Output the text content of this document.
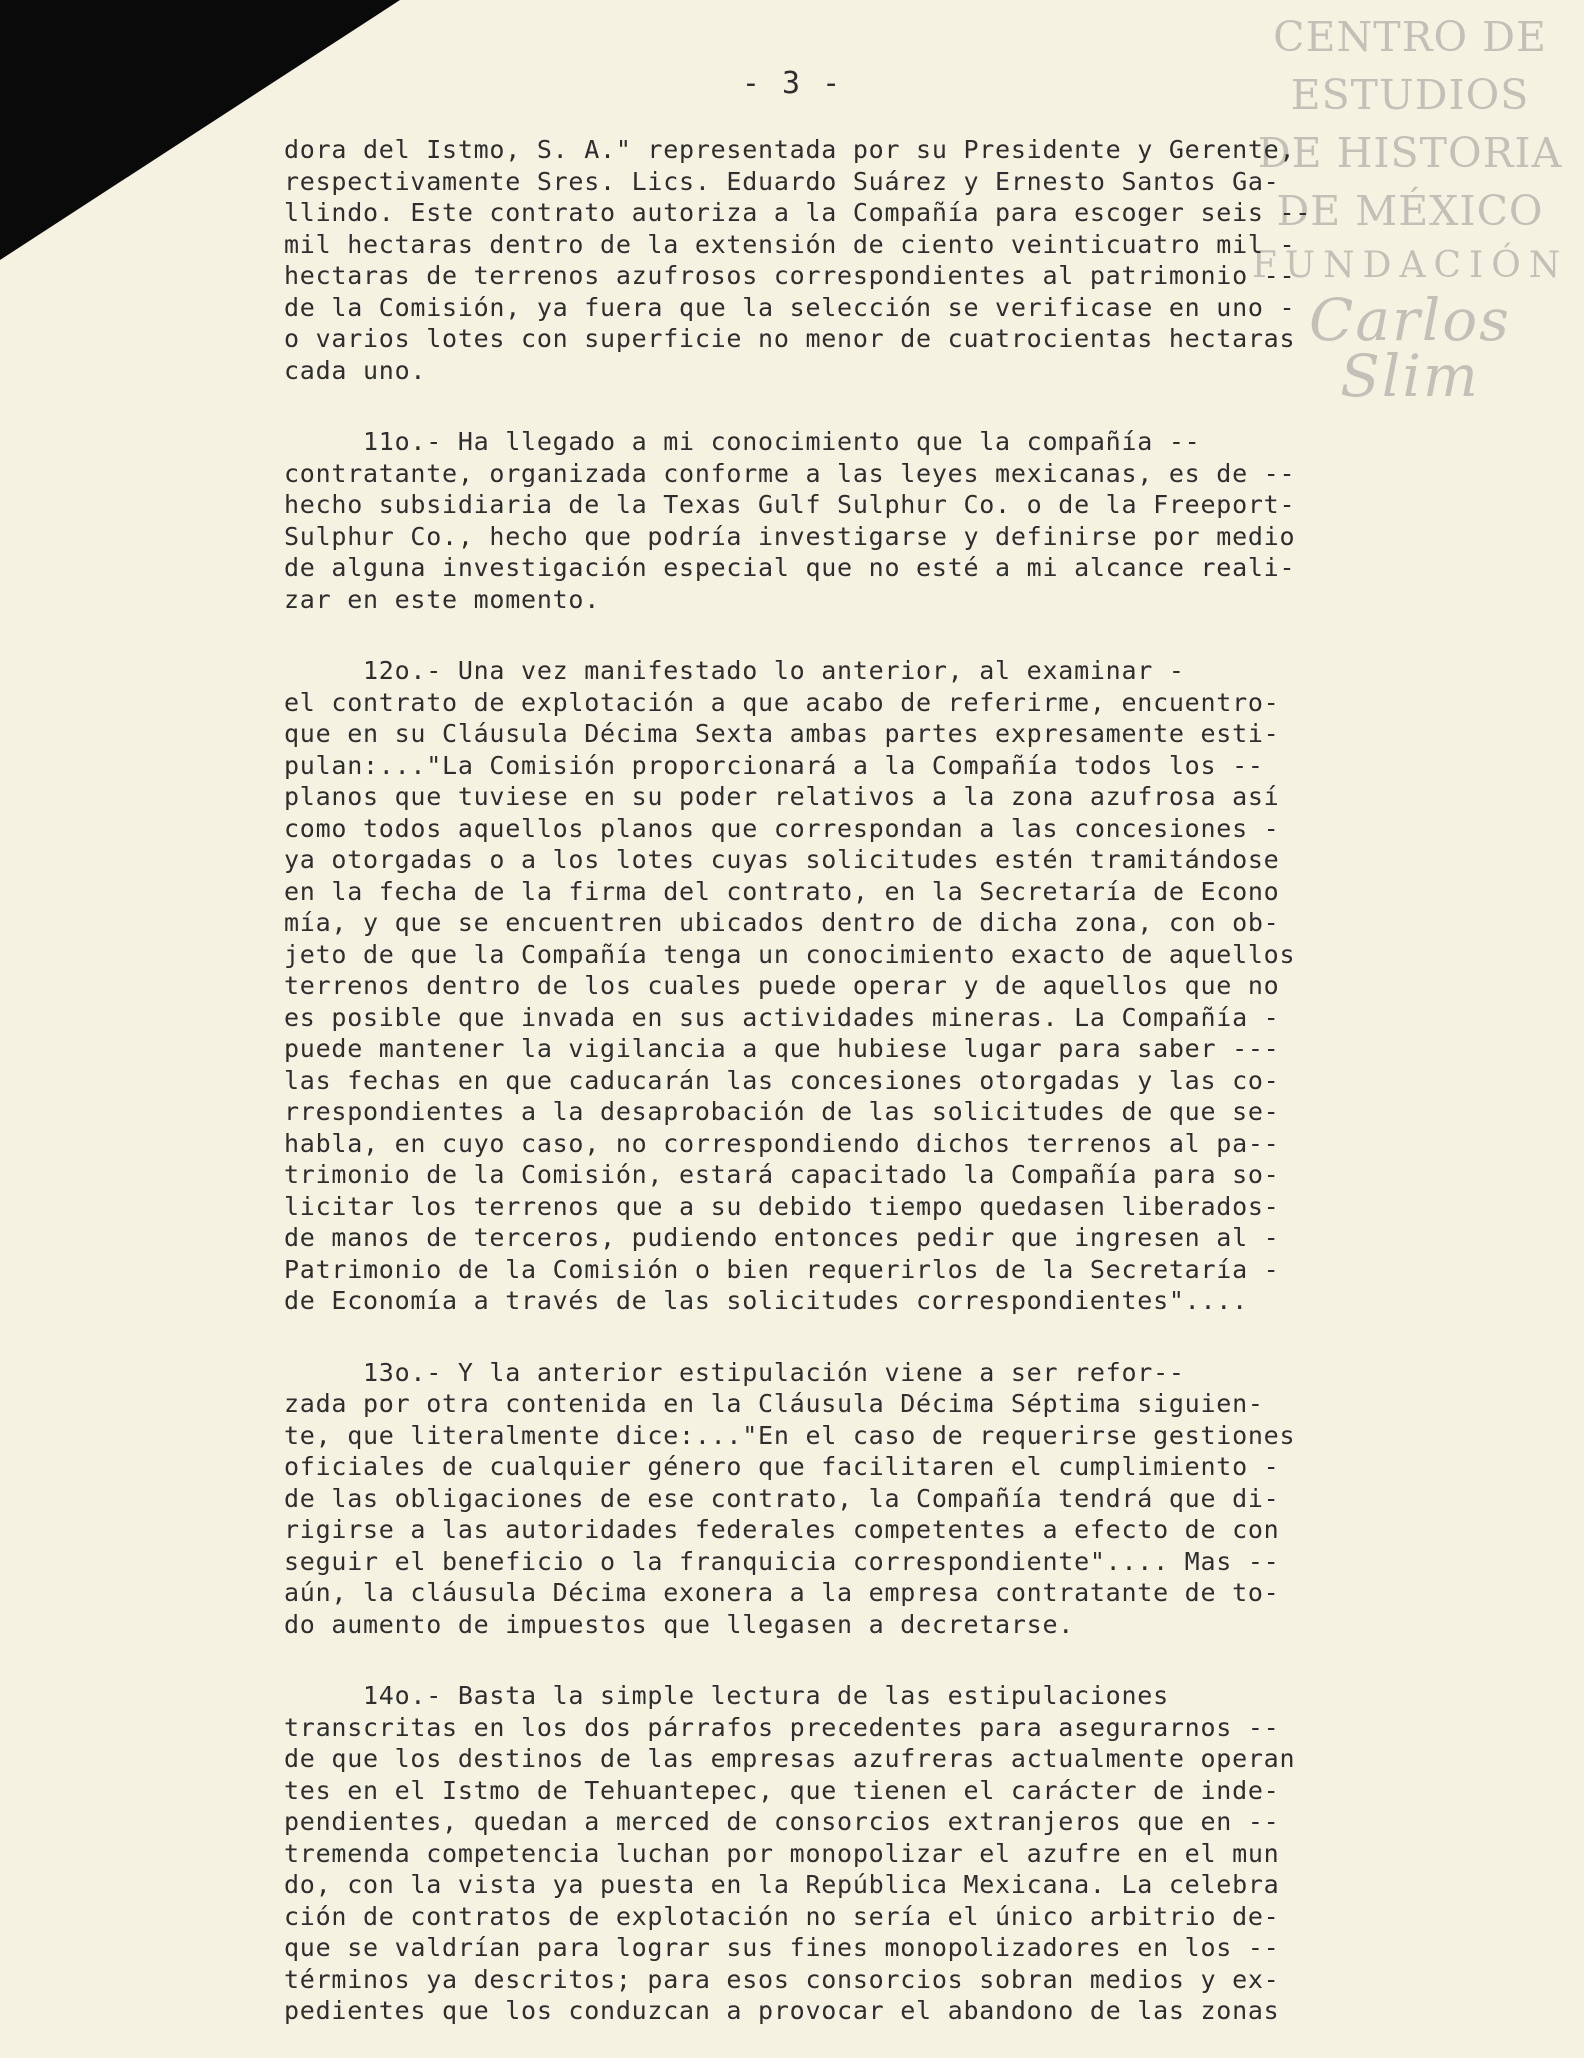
CENTRO DE
ESTUDIOS
DE HISTORIA
DE MÉXICO
FUNDACIÓN
Carlos Slim
- 3 -
dora del Istmo, S. A." representada por su Presidente y Gerente,
respectivamente Sres. Lics. Eduardo Suárez y Ernesto Santos Ga-
llindo. Este contrato autoriza a la Compañía para escoger seis --
mil hectaras dentro de la extensión de ciento veinticuatro mil -
hectaras de terrenos azufrosos correspondientes al patrimonio --
de la Comisión, ya fuera que la selección se verificase en uno -
o varios lotes con superficie no menor de cuatrocientas hectaras
cada uno.
11o.- Ha llegado a mi conocimiento que la compañía --
contratante, organizada conforme a las leyes mexicanas, es de --
hecho subsidiaria de la Texas Gulf Sulphur Co. o de la Freeport-
Sulphur Co., hecho que podría investigarse y definirse por medio
de alguna investigación especial que no esté a mi alcance reali-
zar en este momento.
12o.- Una vez manifestado lo anterior, al examinar -
el contrato de explotación a que acabo de referirme, encuentro-
que en su Cláusula Décima Sexta ambas partes expresamente esti-
pulan:..."La Comisión proporcionará a la Compañía todos los --
planos que tuviese en su poder relativos a la zona azufrosa así
como todos aquellos planos que correspondan a las concesiones -
ya otorgadas o a los lotes cuyas solicitudes estén tramitándose
en la fecha de la firma del contrato, en la Secretaría de Econo
mía, y que se encuentren ubicados dentro de dicha zona, con ob-
jeto de que la Compañía tenga un conocimiento exacto de aquellos
terrenos dentro de los cuales puede operar y de aquellos que no
es posible que invada en sus actividades mineras. La Compañía -
puede mantener la vigilancia a que hubiese lugar para saber ---
las fechas en que caducarán las concesiones otorgadas y las co-
rrespondientes a la desaprobación de las solicitudes de que se-
habla, en cuyo caso, no correspondiendo dichos terrenos al pa--
trimonio de la Comisión, estará capacitado la Compañía para so-
licitar los terrenos que a su debido tiempo quedasen liberados-
de manos de terceros, pudiendo entonces pedir que ingresen al -
Patrimonio de la Comisión o bien requerirlos de la Secretaría -
de Economía a través de las solicitudes correspondientes"....
13o.- Y la anterior estipulación viene a ser refor--
zada por otra contenida en la Cláusula Décima Séptima siguien-
te, que literalmente dice:..."En el caso de requerirse gestiones
oficiales de cualquier género que facilitaren el cumplimiento -
de las obligaciones de ese contrato, la Compañía tendrá que di-
rigirse a las autoridades federales competentes a efecto de con
seguir el beneficio o la franquicia correspondiente".... Mas --
aún, la cláusula Décima exonera a la empresa contratante de to-
do aumento de impuestos que llegasen a decretarse.
14o.- Basta la simple lectura de las estipulaciones
transcritas en los dos párrafos precedentes para asegurarnos --
de que los destinos de las empresas azufreras actualmente operan
tes en el Istmo de Tehuantepec, que tienen el carácter de inde-
pendientes, quedan a merced de consorcios extranjeros que en --
tremenda competencia luchan por monopolizar el azufre en el mun
do, con la vista ya puesta en la República Mexicana. La celebra
ción de contratos de explotación no sería el único arbitrio de-
que se valdrían para lograr sus fines monopolizadores en los --
términos ya descritos; para esos consorcios sobran medios y ex-
pedientes que los conduzcan a provocar el abandono de las zonas
